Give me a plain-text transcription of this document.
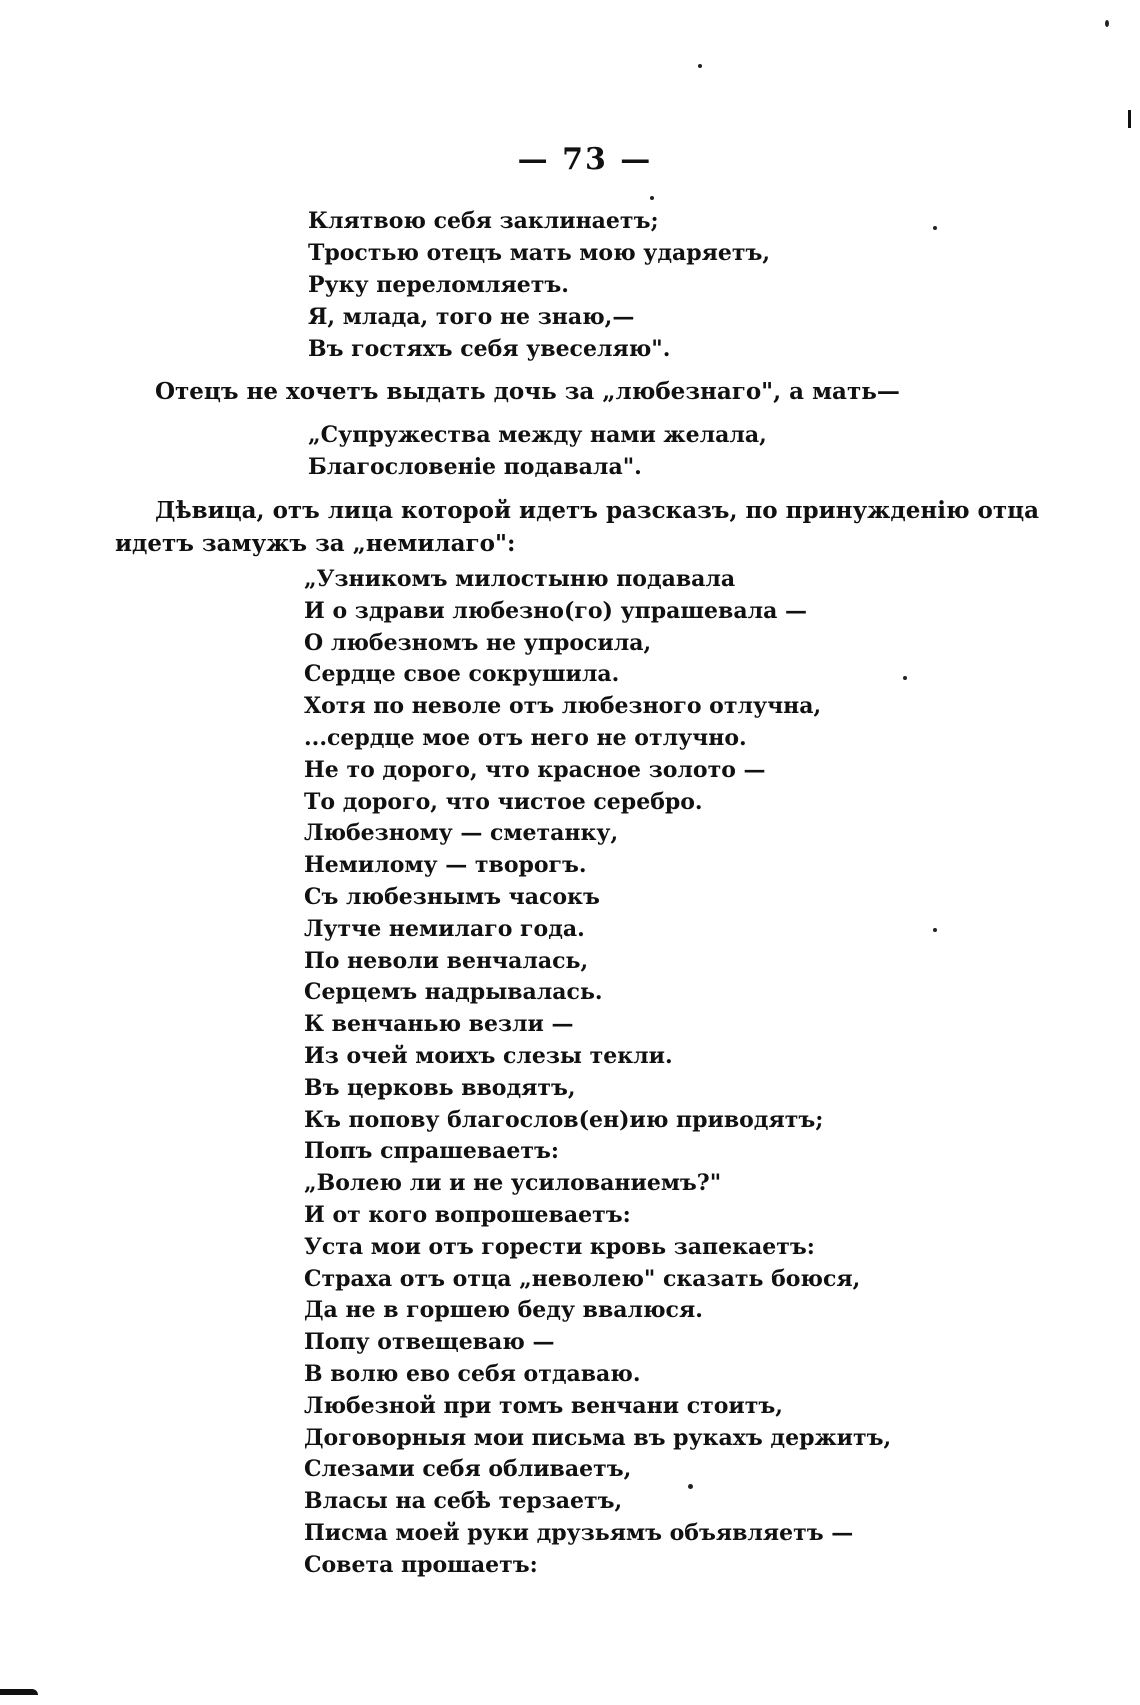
— 73 —
Клятвою себя заклинаетъ;
Тростью отецъ мать мою ударяетъ,
Руку переломляетъ.
Я, млада, того не знаю,—
Въ гостяхъ себя увеселяю".
Отецъ не хочетъ выдать дочь за „любезнаго", а мать—
„Супружества между нами желала,
Благословеніе подавала".
Дѣвица, отъ лица которой идетъ разсказъ, по принужденію отца
идетъ замужъ за „немилаго":
„Узникомъ милостыню подавала
И о здрави любезно(го) упрашевала —
О любезномъ не упросила,
Сердце свое сокрушила.
Хотя по неволе отъ любезного отлучна,
...сердце мое отъ него не отлучно.
Не то дорого, что красное золото —
То дорого, что чистое серебро.
Любезному — сметанку,
Немилому — творогъ.
Съ любезнымъ часокъ
Лутче немилаго года.
По неволи венчалась,
Серцемъ надрывалась.
К венчанью везли —
Из очей моихъ слезы текли.
Въ церковь вводятъ,
Къ попову благослов(ен)ию приводятъ;
Попъ спрашеваетъ:
„Волею ли и не усилованиемъ?"
И от кого вопрошеваетъ:
Уста мои отъ горести кровь запекаетъ:
Страха отъ отца „неволею" сказать боюся,
Да не в горшею беду ввалюся.
Попу отвещеваю —
В волю ево себя отдаваю.
Любезной при томъ венчани стоитъ,
Договорныя мои письма въ рукахъ держитъ,
Слезами себя обливаетъ,
Власы на себѣ терзаетъ,
Писма моей руки друзьямъ объявляетъ —
Совета прошаетъ:
